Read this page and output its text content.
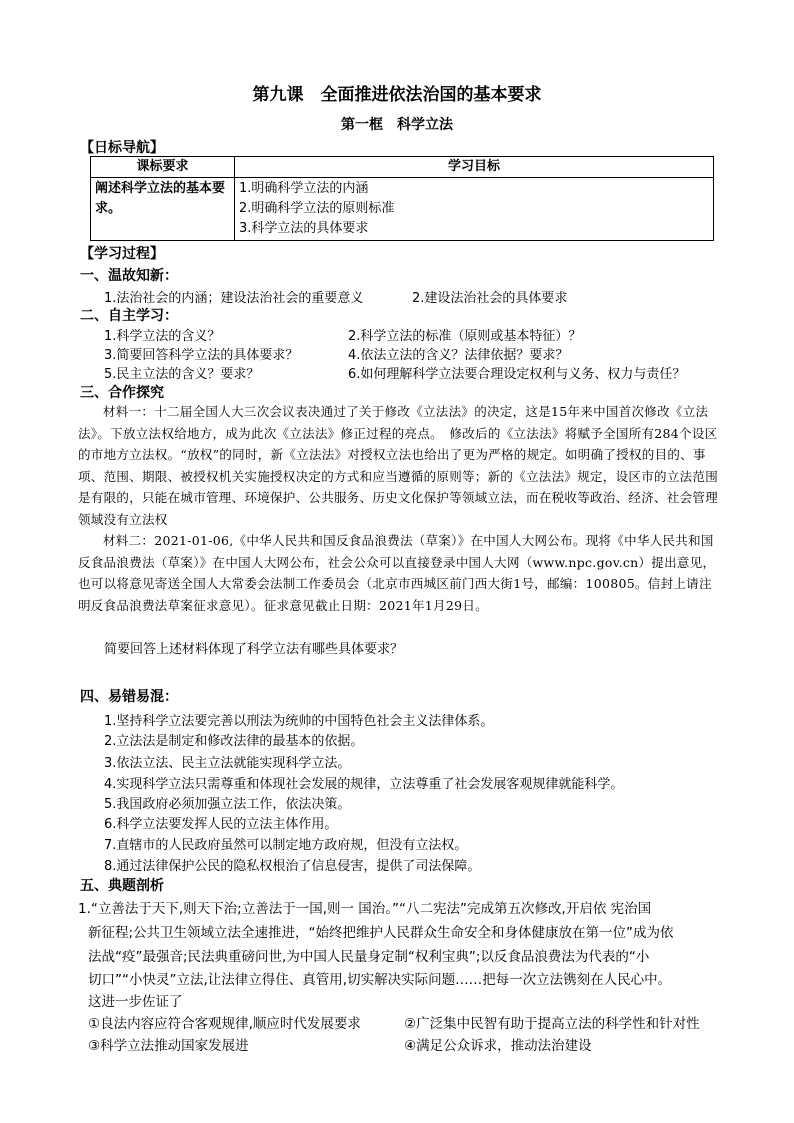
第九课　全面推进依法治国的基本要求
第一框　科学立法
【日标导航】
课标要求	学习目标
阐述科学立法的基本要求。	1.明确科学立法的内涵
2.明确科学立法的原则标准
3.科学立法的具体要求
【学习过程】
一、温故知新：
1.法治社会的内涵；建设法治社会的重要意义	2.建设法治社会的具体要求
二、自主学习：
1.科学立法的含义？	2.科学立法的标准（原则或基本特征）？
3.简要回答科学立法的具体要求？	4.依法立法的含义？法律依据？要求？
5.民主立法的含义？要求？	6.如何理解科学立法要合理设定权利与义务、权力与责任？
三、合作探究
材料一：十二届全国人大三次会议表决通过了关于修改《立法法》的决定，这是15年来中国首次修改《立法法》。下放立法权给地方，成为此次《立法法》修正过程的亮点。　修改后的《立法法》将赋予全国所有284个设区的市地方立法权。“放权”的同时，新《立法法》对授权立法也给出了更为严格的规定。如明确了授权的目的、事项、范围、期限、被授权机关实施授权决定的方式和应当遵循的原则等；新的《立法法》规定，设区市的立法范围是有限的，只能在城市管理、环境保护、公共服务、历史文化保护等领域立法，而在税收等政治、经济、社会管理领域没有立法权
材料二：2021-01-06,《中华人民共和国反食品浪费法（草案）》在中国人大网公布。现将《中华人民共和国反食品浪费法（草案）》在中国人大网公布，社会公众可以直接登录中国人大网（www.npc.gov.cn）提出意见，也可以将意见寄送全国人大常委会法制工作委员会（北京市西城区前门西大街1号，邮编：100805。信封上请注明反食品浪费法草案征求意见）。征求意见截止日期：2021年1月29日。
简要回答上述材料体现了科学立法有哪些具体要求？
四、易错易混：
1.坚持科学立法要完善以刑法为统帅的中国特色社会主义法律体系。
2.立法法是制定和修改法律的最基本的依据。
3.依法立法、民主立法就能实现科学立法。
4.实现科学立法只需尊重和体现社会发展的规律，立法尊重了社会发展客观规律就能科学。
5.我国政府必须加强立法工作，依法决策。
6.科学立法要发挥人民的立法主体作用。
7.直辖市的人民政府虽然可以制定地方政府规，但没有立法权。
8.通过法律保护公民的隐私权根治了信息侵害，提供了司法保障。
五、典题剖析
1.“立善法于天下,则天下治;立善法于一国,则一 国治。”“八二宪法”完成第五次修改,开启依 宪治国
新征程;公共卫生领域立法全速推进，“始终把维护人民群众生命安全和身体健康放在第一位”成为依
法战“疫”最强音;民法典重磅问世,为中国人民量身定制“权利宝典”;以反食品浪费法为代表的“小
切口”“小快灵”立法,让法律立得住、真管用,切实解决实际问题……把每一次立法镌刻在人民心中。
这进一步佐证了
①良法内容应符合客观规律,顺应时代发展要求	②广泛集中民智有助于提高立法的科学性和针对性
③科学立法推动国家发展进	④满足公众诉求，推动法治建设
